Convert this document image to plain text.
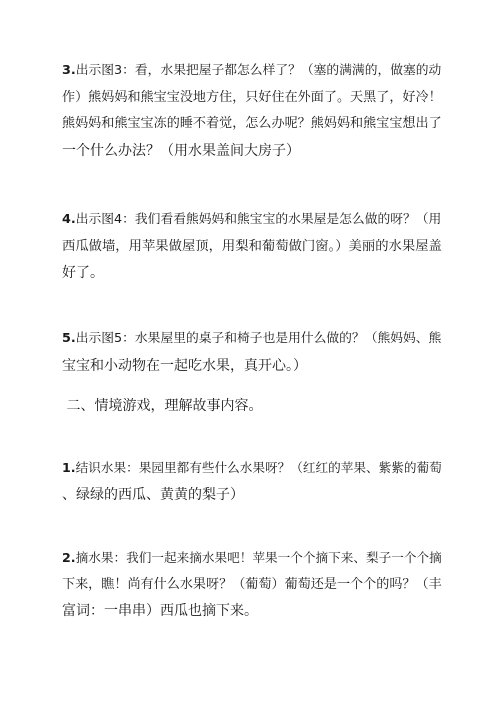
3.出示图3：看，水果把屋子都怎么样了？（塞的满满的，做塞的动
作）熊妈妈和熊宝宝没地方住，只好住在外面了。天黑了，好冷！
熊妈妈和熊宝宝冻的睡不着觉，怎么办呢？熊妈妈和熊宝宝想出了
一个什么办法？（用水果盖间大房子）
4.出示图4：我们看看熊妈妈和熊宝宝的水果屋是怎么做的呀？（用
西瓜做墙，用苹果做屋顶，用梨和葡萄做门窗。）美丽的水果屋盖
好了。
5.出示图5：水果屋里的桌子和椅子也是用什么做的？（熊妈妈、熊
宝宝和小动物在一起吃水果，真开心。）
二、情境游戏，理解故事内容。
1.结识水果：果园里都有些什么水果呀？（红红的苹果、紫紫的葡萄
、绿绿的西瓜、黄黄的梨子）
2.摘水果：我们一起来摘水果吧！苹果一个个摘下来、梨子一个个摘
下来，瞧！尚有什么水果呀？（葡萄）葡萄还是一个个的吗？（丰
富词：一串串）西瓜也摘下来。
